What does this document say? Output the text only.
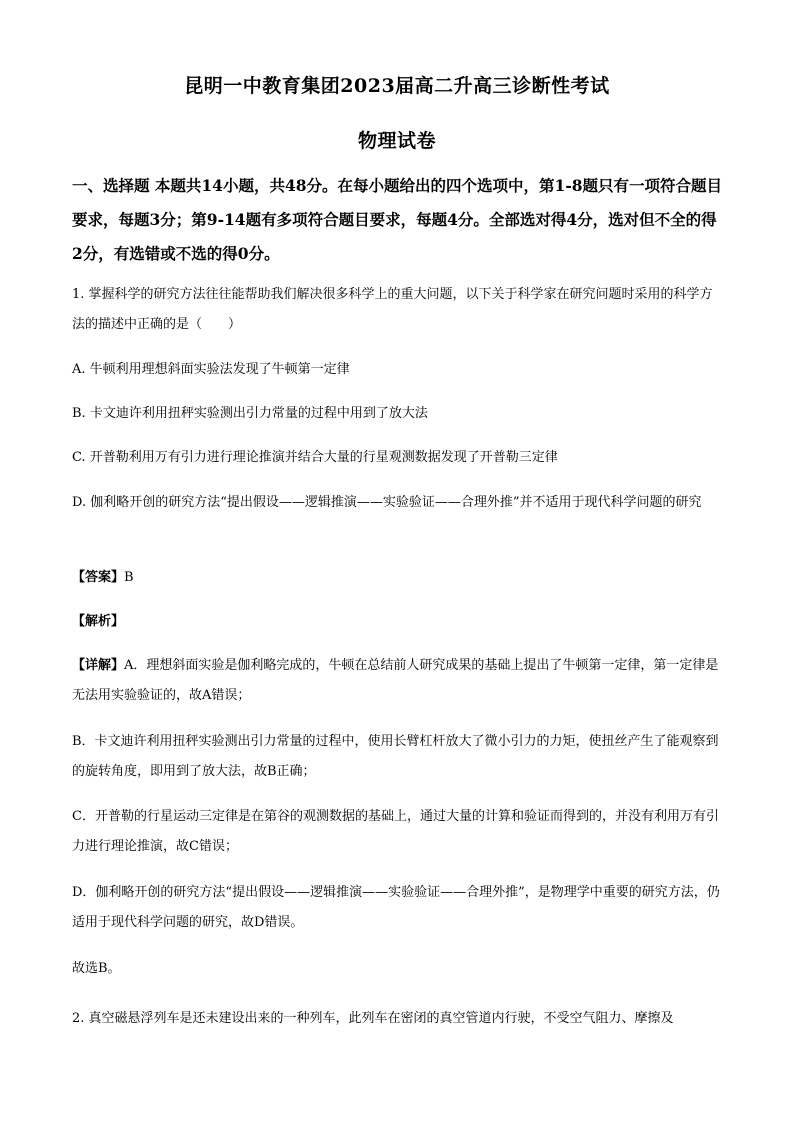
昆明一中教育集团2023届高二升高三诊断性考试
物理试卷
一、选择题 本题共14小题，共48分。在每小题给出的四个选项中，第1-8题只有一项符合题目要求，每题3分；第9-14题有多项符合题目要求，每题4分。全部选对得4分，选对但不全的得2分，有选错或不选的得0分。
1. 掌握科学的研究方法往往能帮助我们解决很多科学上的重大问题，以下关于科学家在研究问题时采用的科学方法的描述中正确的是（　　）
A. 牛顿利用理想斜面实验法发现了牛顿第一定律
B. 卡文迪许利用扭秤实验测出引力常量的过程中用到了放大法
C. 开普勒利用万有引力进行理论推演并结合大量的行星观测数据发现了开普勒三定律
D. 伽利略开创的研究方法“提出假设——逻辑推演——实验验证——合理外推”并不适用于现代科学问题的研究
【答案】B
【解析】
【详解】A．理想斜面实验是伽利略完成的，牛顿在总结前人研究成果的基础上提出了牛顿第一定律，第一定律是无法用实验验证的，故A错误；
B．卡文迪许利用扭秤实验测出引力常量的过程中，使用长臂杠杆放大了微小引力的力矩，使扭丝产生了能观察到的旋转角度，即用到了放大法，故B正确；
C．开普勒的行星运动三定律是在第谷的观测数据的基础上，通过大量的计算和验证而得到的，并没有利用万有引力进行理论推演，故C错误；
D．伽利略开创的研究方法“提出假设——逻辑推演——实验验证——合理外推”，是物理学中重要的研究方法，仍适用于现代科学问题的研究，故D错误。
故选B。
2. 真空磁悬浮列车是还未建设出来的一种列车，此列车在密闭的真空管道内行驶，不受空气阻力、摩擦及
